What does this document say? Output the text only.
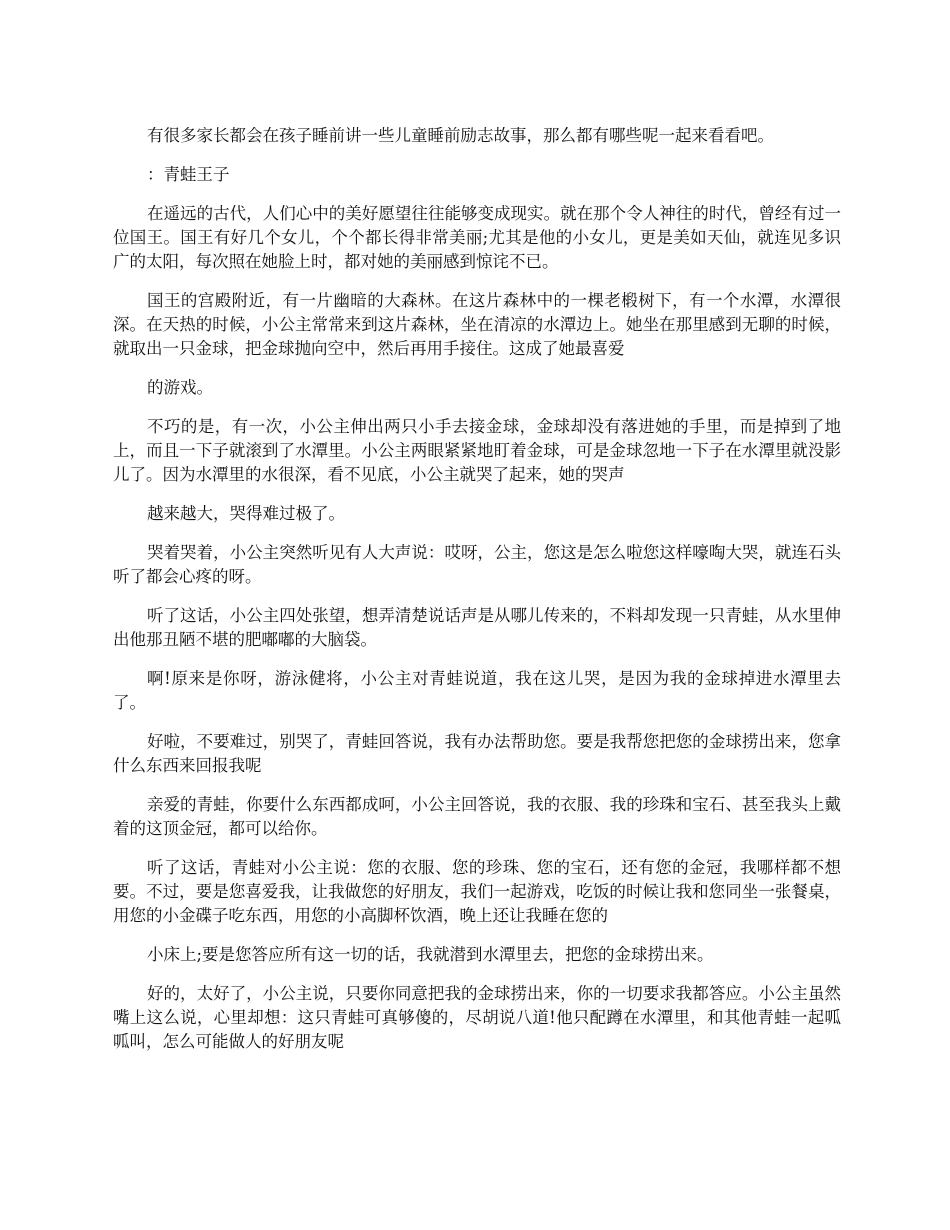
有很多家长都会在孩子睡前讲一些儿童睡前励志故事，那么都有哪些呢一起来看看吧。

：青蛙王子

在遥远的古代，人们心中的美好愿望往往能够变成现实。就在那个令人神往的时代，曾经有过一位国王。国王有好几个女儿，个个都长得非常美丽;尤其是他的小女儿，更是美如天仙，就连见多识广的太阳，每次照在她脸上时，都对她的美丽感到惊诧不已。

国王的宫殿附近，有一片幽暗的大森林。在这片森林中的一棵老椴树下，有一个水潭，水潭很深。在天热的时候，小公主常常来到这片森林，坐在清凉的水潭边上。她坐在那里感到无聊的时候，就取出一只金球，把金球抛向空中，然后再用手接住。这成了她最喜爱

的游戏。

不巧的是，有一次，小公主伸出两只小手去接金球，金球却没有落进她的手里，而是掉到了地上，而且一下子就滚到了水潭里。小公主两眼紧紧地盯着金球，可是金球忽地一下子在水潭里就没影儿了。因为水潭里的水很深，看不见底，小公主就哭了起来，她的哭声

越来越大，哭得难过极了。

哭着哭着，小公主突然听见有人大声说：哎呀，公主，您这是怎么啦您这样嚎啕大哭，就连石头听了都会心疼的呀。

听了这话，小公主四处张望，想弄清楚说话声是从哪儿传来的，不料却发现一只青蛙，从水里伸出他那丑陋不堪的肥嘟嘟的大脑袋。

啊!原来是你呀，游泳健将，小公主对青蛙说道，我在这儿哭，是因为我的金球掉进水潭里去了。

好啦，不要难过，别哭了，青蛙回答说，我有办法帮助您。要是我帮您把您的金球捞出来，您拿什么东西来回报我呢

亲爱的青蛙，你要什么东西都成呵，小公主回答说，我的衣服、我的珍珠和宝石、甚至我头上戴着的这顶金冠，都可以给你。

听了这话，青蛙对小公主说：您的衣服、您的珍珠、您的宝石，还有您的金冠，我哪样都不想要。不过，要是您喜爱我，让我做您的好朋友，我们一起游戏，吃饭的时候让我和您同坐一张餐桌，用您的小金碟子吃东西，用您的小高脚杯饮酒，晚上还让我睡在您的

小床上;要是您答应所有这一切的话，我就潜到水潭里去，把您的金球捞出来。

好的，太好了，小公主说，只要你同意把我的金球捞出来，你的一切要求我都答应。小公主虽然嘴上这么说，心里却想：这只青蛙可真够傻的，尽胡说八道!他只配蹲在水潭里，和其他青蛙一起呱呱叫，怎么可能做人的好朋友呢
